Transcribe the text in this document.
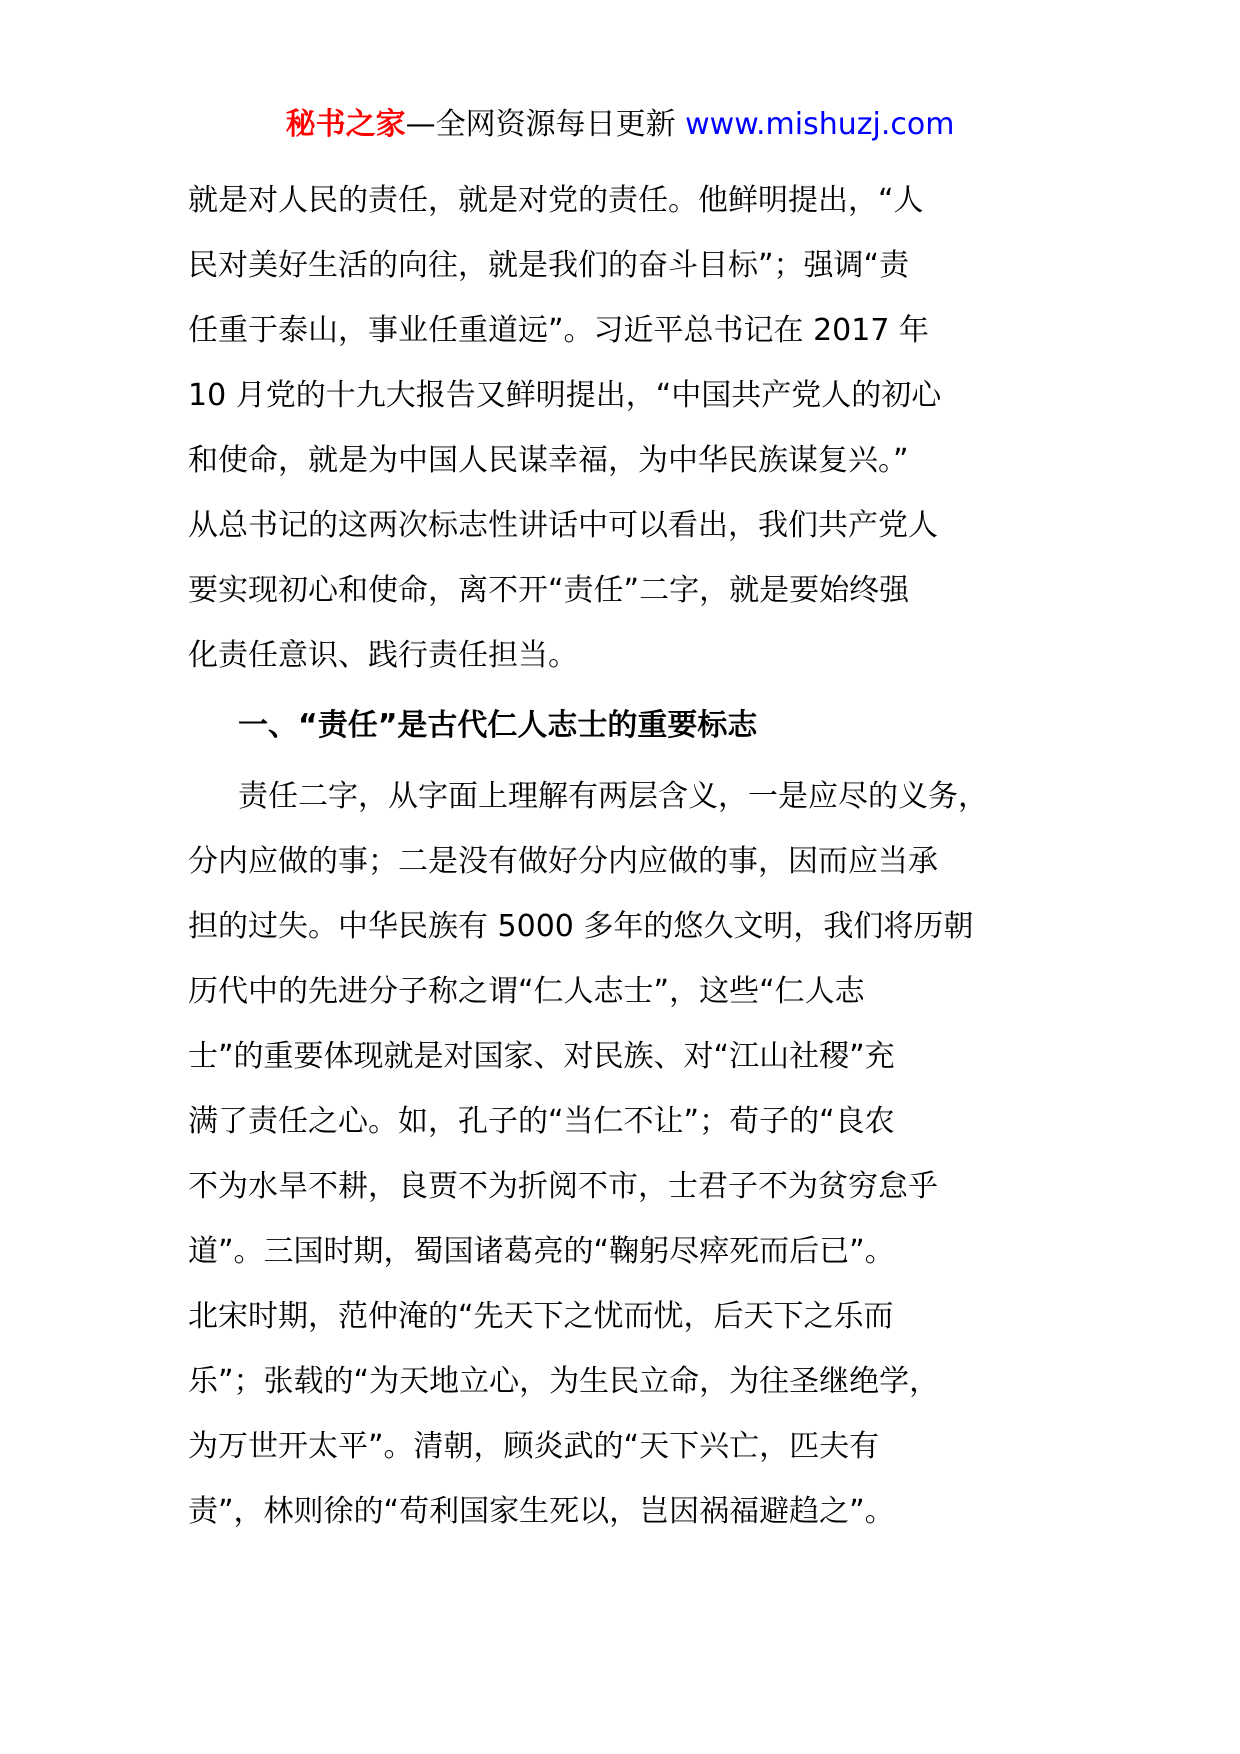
秘书之家—全网资源每日更新 www.mishuzj.com
就是对人民的责任，就是对党的责任。他鲜明提出，“人
民对美好生活的向往，就是我们的奋斗目标”；强调“责
任重于泰山，事业任重道远”。习近平总书记在 2017 年
10 月党的十九大报告又鲜明提出，“中国共产党人的初心
和使命，就是为中国人民谋幸福，为中华民族谋复兴。”
从总书记的这两次标志性讲话中可以看出，我们共产党人
要实现初心和使命，离不开“责任”二字，就是要始终强
化责任意识、践行责任担当。
一、“责任”是古代仁人志士的重要标志
责任二字，从字面上理解有两层含义，一是应尽的义务，
分内应做的事；二是没有做好分内应做的事，因而应当承
担的过失。中华民族有 5000 多年的悠久文明，我们将历朝
历代中的先进分子称之谓“仁人志士”，这些“仁人志
士”的重要体现就是对国家、对民族、对“江山社稷”充
满了责任之心。如，孔子的“当仁不让”；荀子的“良农
不为水旱不耕，良贾不为折阅不市，士君子不为贫穷怠乎
道”。三国时期，蜀国诸葛亮的“鞠躬尽瘁死而后已”。
北宋时期，范仲淹的“先天下之忧而忧，后天下之乐而
乐”；张载的“为天地立心，为生民立命，为往圣继绝学，
为万世开太平”。清朝，顾炎武的“天下兴亡，匹夫有
责”，林则徐的“苟利国家生死以，岂因祸福避趋之”。
